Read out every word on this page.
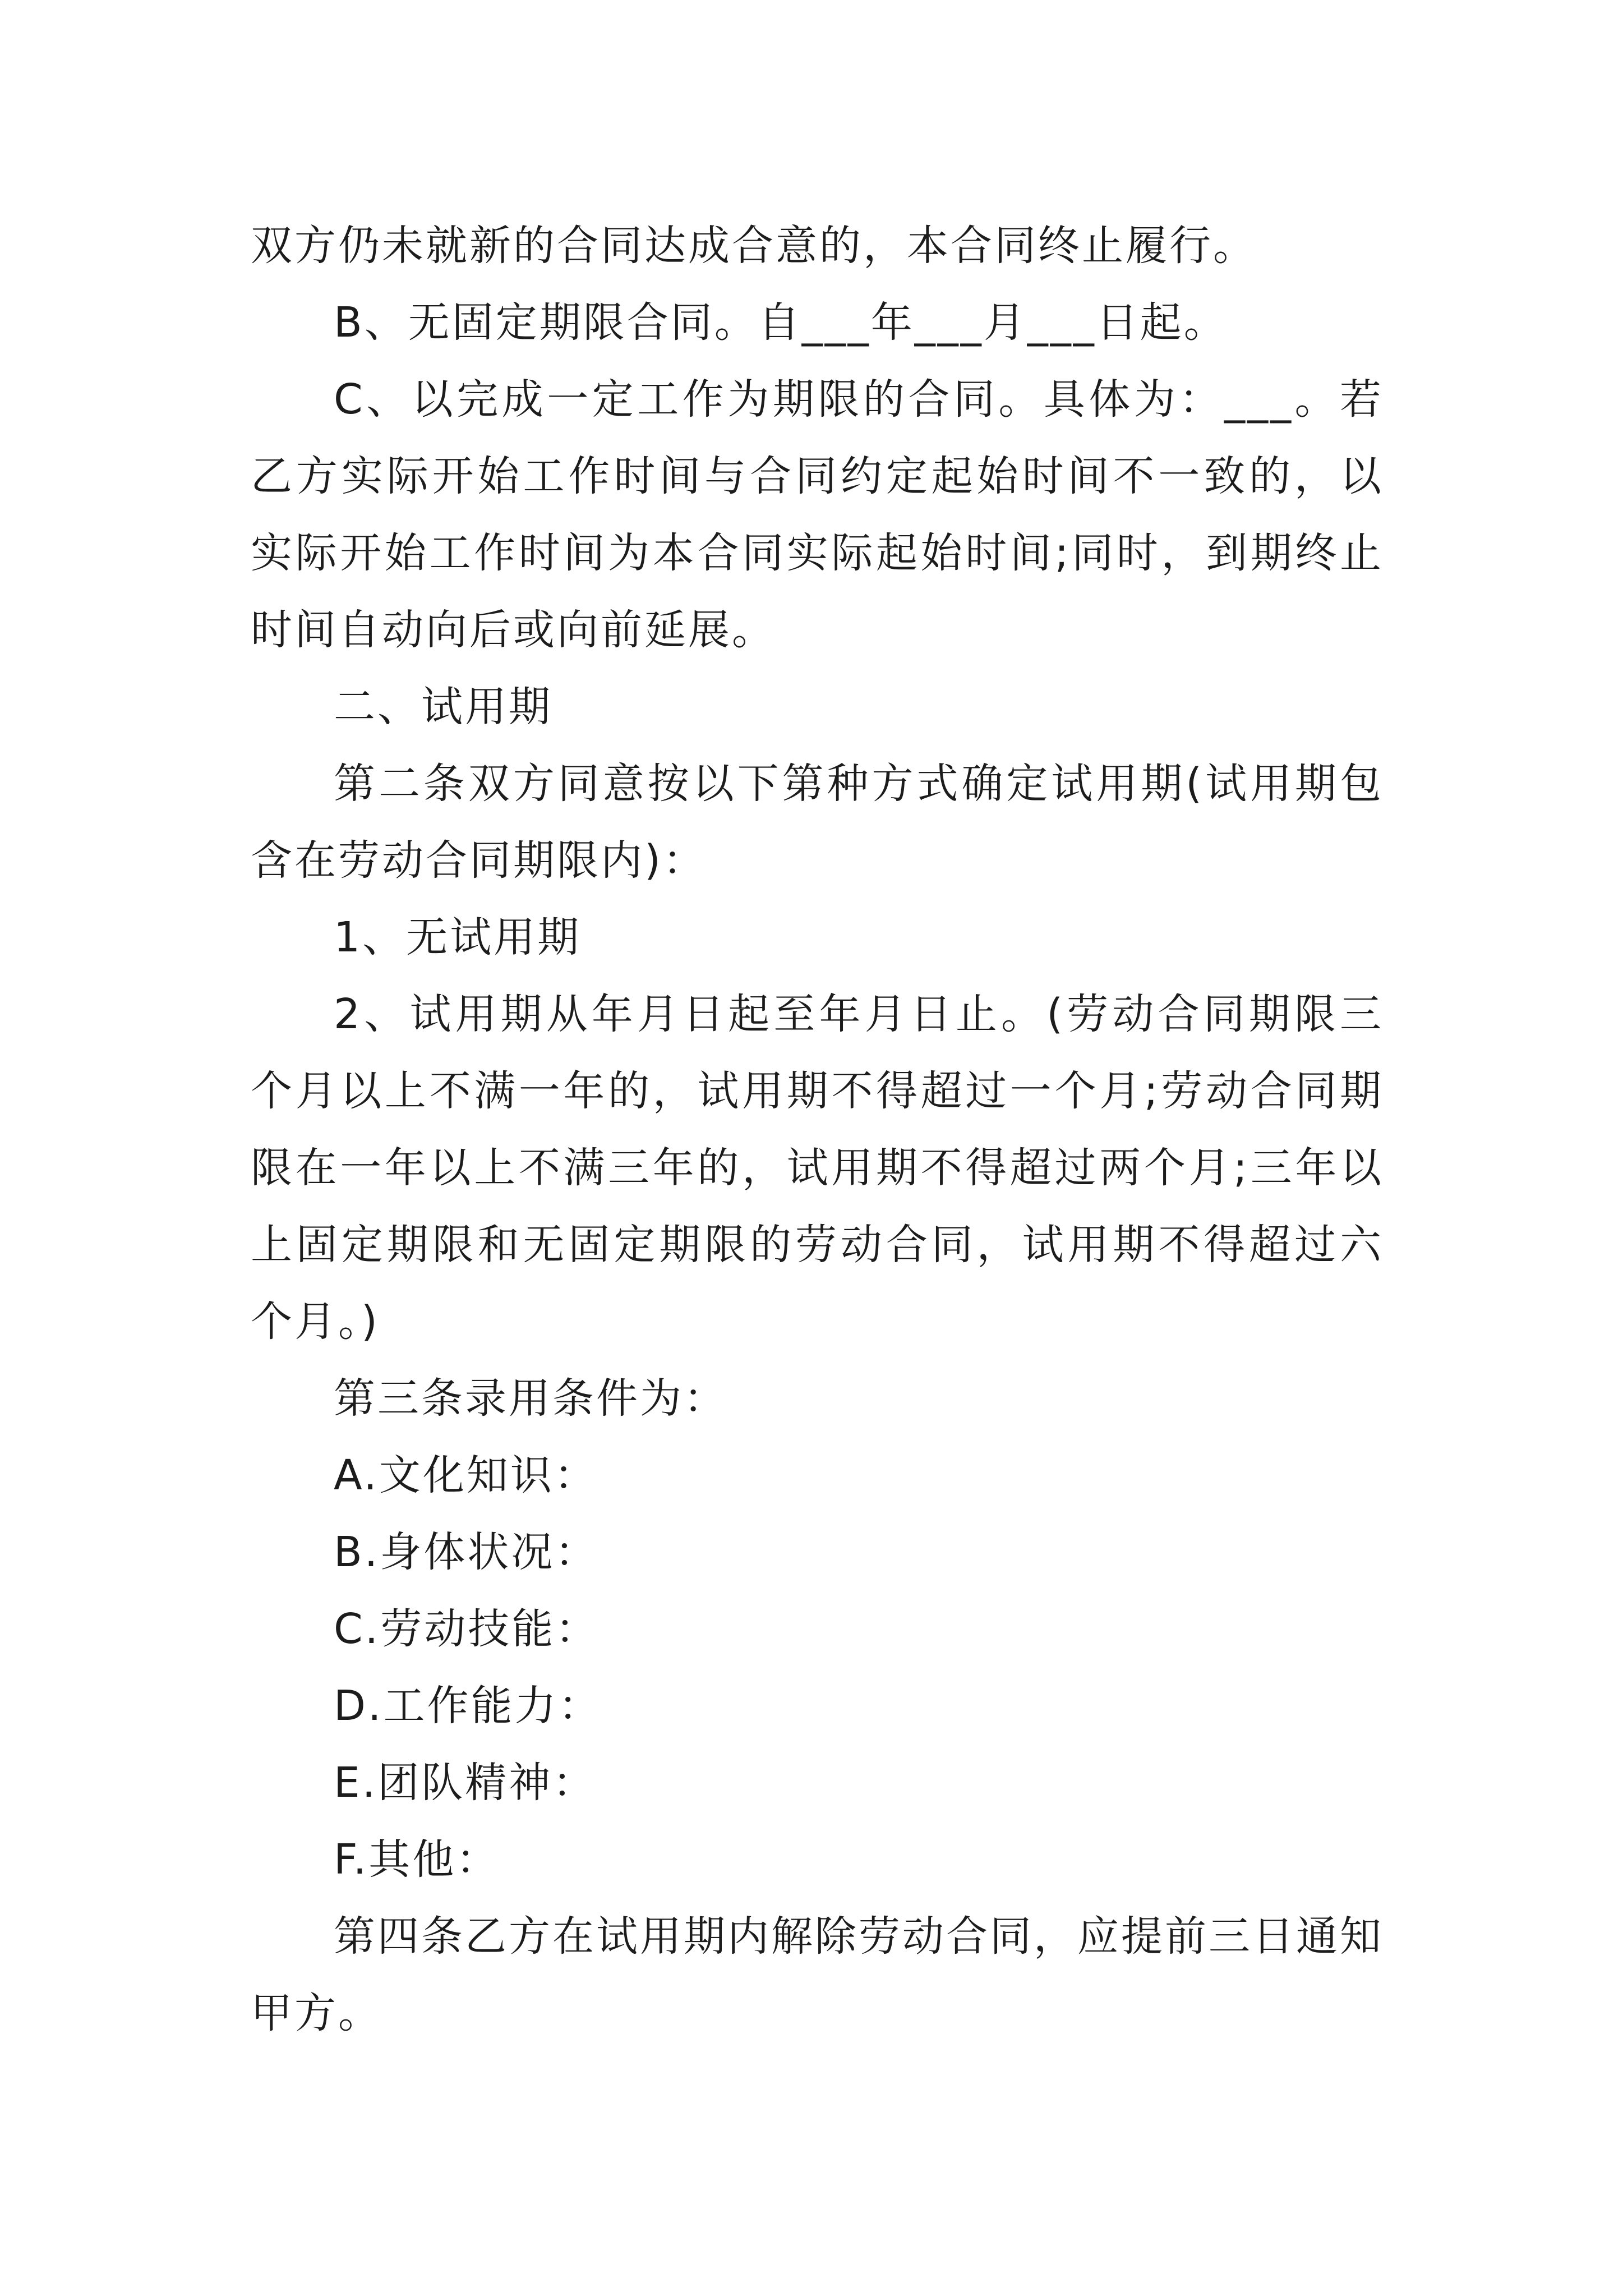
双方仍未就新的合同达成合意的，本合同终止履行。

B、无固定期限合同。自___年___月___日起。

C、以完成一定工作为期限的合同。具体为：___。若乙方实际开始工作时间与合同约定起始时间不一致的，以实际开始工作时间为本合同实际起始时间;同时，到期终止时间自动向后或向前延展。

二、试用期

第二条双方同意按以下第种方式确定试用期(试用期包含在劳动合同期限内)：

1、无试用期

2、试用期从年月日起至年月日止。(劳动合同期限三个月以上不满一年的，试用期不得超过一个月;劳动合同期限在一年以上不满三年的，试用期不得超过两个月;三年以上固定期限和无固定期限的劳动合同，试用期不得超过六个月。)

第三条录用条件为：

A.文化知识：

B.身体状况：

C.劳动技能：

D.工作能力：

E.团队精神：

F.其他：

第四条乙方在试用期内解除劳动合同，应提前三日通知甲方。
